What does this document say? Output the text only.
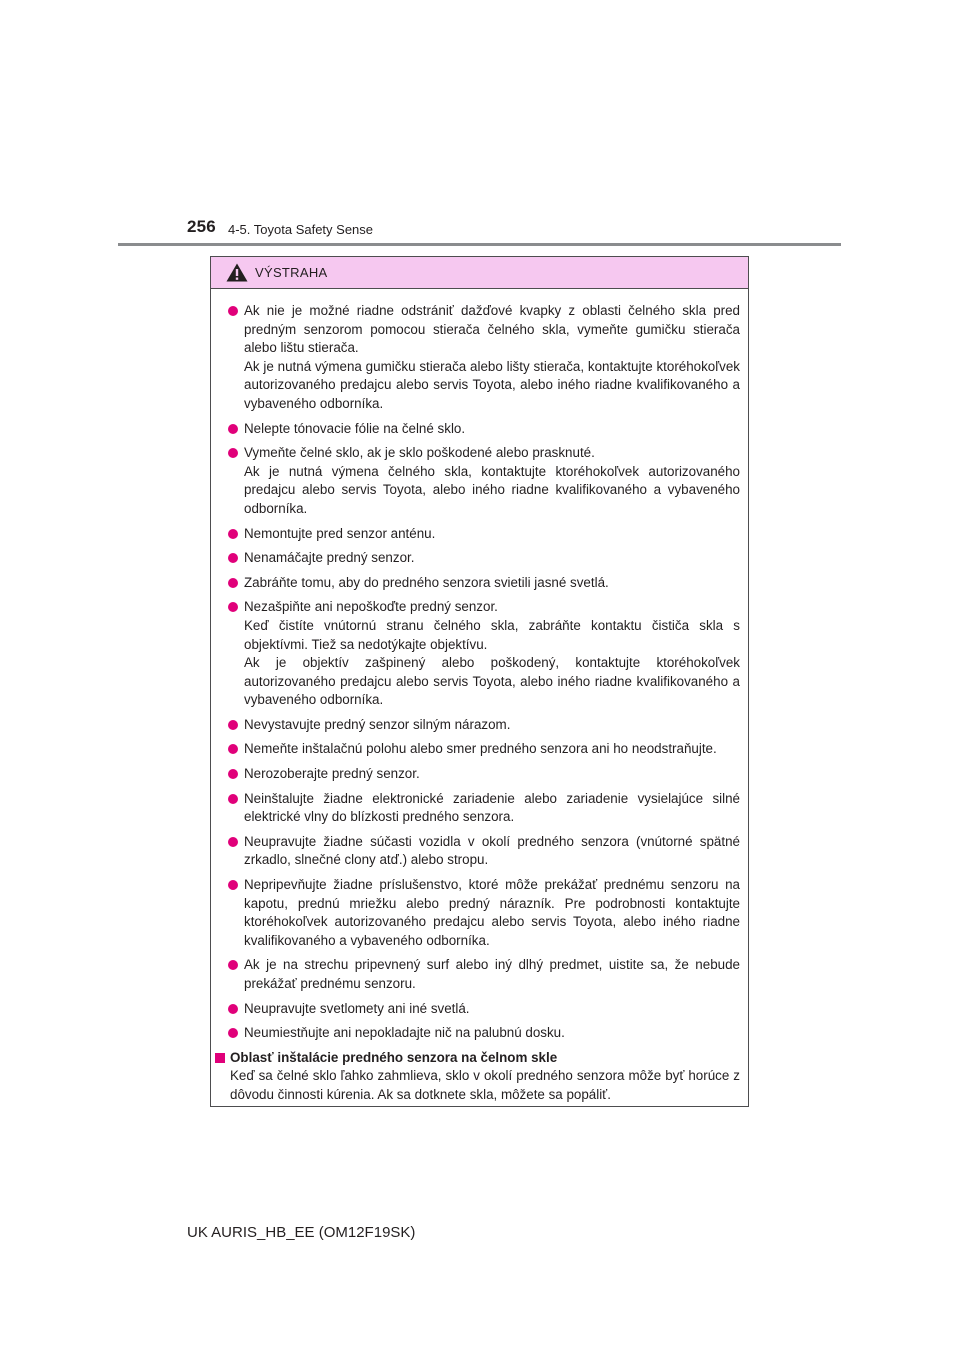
256 4-5. Toyota Safety Sense
VÝSTRAHA
Ak nie je možné riadne odstrániť dažďové kvapky z oblasti čelného skla pred predným senzorom pomocou stierača čelného skla, vymeňte gumičku stierača alebo lištu stierača.
Ak je nutná výmena gumičku stierača alebo lišty stierača, kontaktujte ktoréhokoľvek autorizovaného predajcu alebo servis Toyota, alebo iného riadne kvalifikovaného a vybaveného odborníka.
Nelepte tónovacie fólie na čelné sklo.
Vymeňte čelné sklo, ak je sklo poškodené alebo prasknuté.
Ak je nutná výmena čelného skla, kontaktujte ktoréhokoľvek autorizovaného predajcu alebo servis Toyota, alebo iného riadne kvalifikovaného a vybaveného odborníka.
Nemontujte pred senzor anténu.
Nenamáčajte predný senzor.
Zabráňte tomu, aby do predného senzora svietili jasné svetlá.
Nezašpiňte ani nepoškoďte predný senzor.
Keď čistíte vnútornú stranu čelného skla, zabráňte kontaktu čističa skla s objektívmi. Tiež sa nedotýkajte objektívu.
Ak je objektív zašpinený alebo poškodený, kontaktujte ktoréhokoľvek autorizovaného predajcu alebo servis Toyota, alebo iného riadne kvalifikovaného a vybaveného odborníka.
Nevystavujte predný senzor silným nárazom.
Nemeňte inštalačnú polohu alebo smer predného senzora ani ho neodstraňujte.
Nerozoberajte predný senzor.
Neinštalujte žiadne elektronické zariadenie alebo zariadenie vysielajúce silné elektrické vlny do blízkosti predného senzora.
Neupravujte žiadne súčasti vozidla v okolí predného senzora (vnútorné spätné zrkadlo, slnečné clony atď.) alebo stropu.
Nepripevňujte žiadne príslušenstvo, ktoré môže prekážať prednému senzoru na kapotu, prednú mriežku alebo predný nárazník. Pre podrobnosti kontaktujte ktoréhokoľvek autorizovaného predajcu alebo servis Toyota, alebo iného riadne kvalifikovaného a vybaveného odborníka.
Ak je na strechu pripevnený surf alebo iný dlhý predmet, uistite sa, že nebude prekážať prednému senzoru.
Neupravujte svetlomety ani iné svetlá.
Neumiestňujte ani nepokladajte nič na palubnú dosku.
Oblasť inštalácie predného senzora na čelnom skle
Keď sa čelné sklo ľahko zahmlieva, sklo v okolí predného senzora môže byť horúce z dôvodu činnosti kúrenia. Ak sa dotknete skla, môžete sa popáliť.
UK AURIS_HB_EE (OM12F19SK)
